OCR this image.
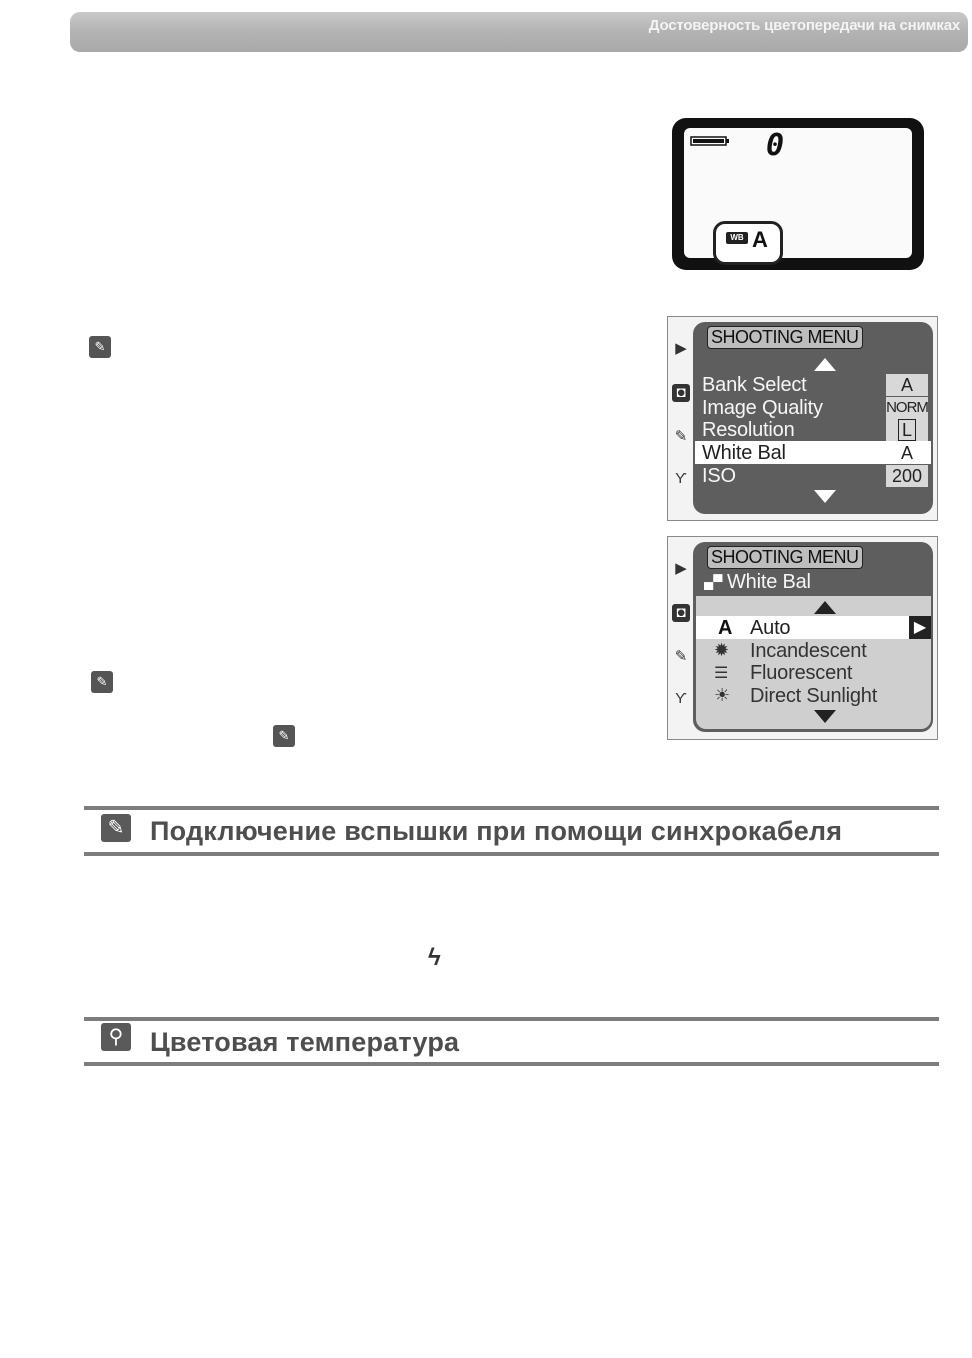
Достоверность цветопередачи на снимках
0
WB A
✎
✎
✎
▶
◘
✎
Ƴ
SHOOTING MENU
Bank Select	A
Image Quality	NORM
Resolution	L
White Bal	A
ISO	200
▶
◘
✎
Ƴ
SHOOTING MENU
▄▀ White Bal
A Auto	▶
✹ Incandescent
☰ Fluorescent
☀ Direct Sunlight
✎ Подключение вспышки при помощи синхрокабеля
ϟ
⚲ Цветовая температура
